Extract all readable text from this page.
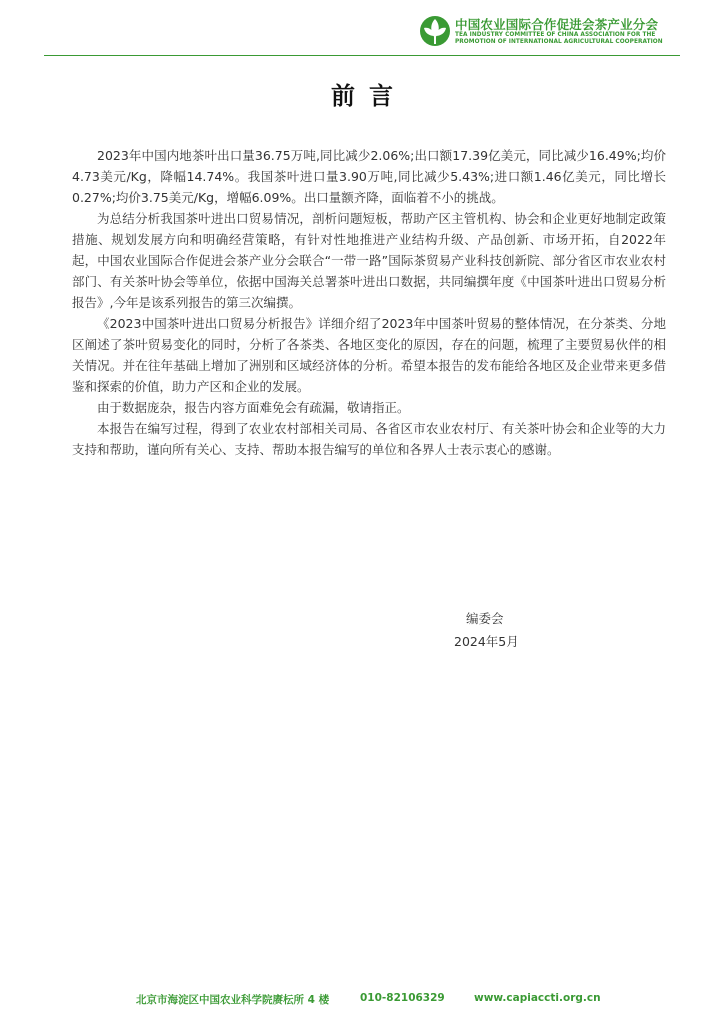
中国农业国际合作促进会茶产业分会
TEA INDUSTRY COMMITTEE OF CHINA ASSOCIATION FOR THE
PROMOTION OF INTERNATIONAL AGRICULTURAL COOPERATION
前言

2023年中国内地茶叶出口量36.75万吨,同比减少2.06%;出口额17.39亿美元，同比减少16.49%;均价4.73美元/Kg，降幅14.74%。我国茶叶进口量3.90万吨,同比减少5.43%;进口额1.46亿美元，同比增长0.27%;均价3.75美元/Kg，增幅6.09%。出口量额齐降，面临着不小的挑战。

为总结分析我国茶叶进出口贸易情况，剖析问题短板，帮助产区主管机构、协会和企业更好地制定政策措施、规划发展方向和明确经营策略，有针对性地推进产业结构升级、产品创新、市场开拓，自2022年起，中国农业国际合作促进会茶产业分会联合“一带一路”国际茶贸易产业科技创新院、部分省区市农业农村部门、有关茶叶协会等单位，依据中国海关总署茶叶进出口数据，共同编撰年度《中国茶叶进出口贸易分析报告》,今年是该系列报告的第三次编撰。

《2023中国茶叶进出口贸易分析报告》详细介绍了2023年中国茶叶贸易的整体情况，在分茶类、分地区阐述了茶叶贸易变化的同时，分析了各茶类、各地区变化的原因，存在的问题，梳理了主要贸易伙伴的相关情况。并在往年基础上增加了洲别和区域经济体的分析。希望本报告的发布能给各地区及企业带来更多借鉴和探索的价值，助力产区和企业的发展。

由于数据庞杂，报告内容方面难免会有疏漏，敬请指正。

本报告在编写过程，得到了农业农村部相关司局、各省区市农业农村厅、有关茶叶协会和企业等的大力支持和帮助，谨向所有关心、支持、帮助本报告编写的单位和各界人士表示衷心的感谢。

编委会
2024年5月
北京市海淀区中国农业科学院赓枟所 4 楼	010-82106329	www.capiaccti.org.cn
